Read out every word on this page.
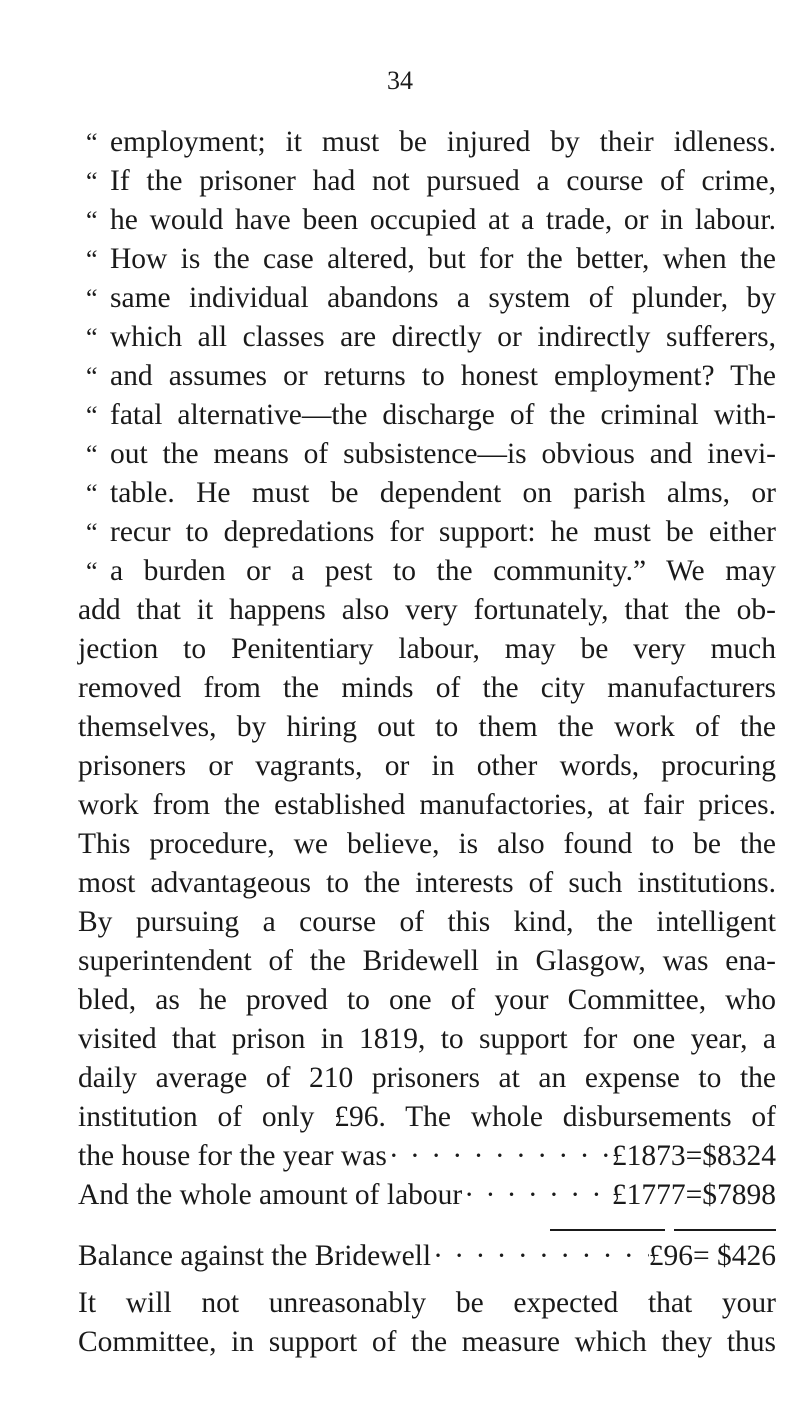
34
“ employment; it must be injured by their idleness.
“ If the prisoner had not pursued a course of crime,
“ he would have been occupied at a trade, or in labour.
“ How is the case altered, but for the better, when the
“ same individual abandons a system of plunder, by
“ which all classes are directly or indirectly sufferers,
“ and assumes or returns to honest employment? The
“ fatal alternative—the discharge of the criminal with-
“ out the means of subsistence—is obvious and inevi-
“ table. He must be dependent on parish alms, or
“ recur to depredations for support: he must be either
“ a burden or a pest to the community.” We may
add that it happens also very fortunately, that the ob-
jection to Penitentiary labour, may be very much
removed from the minds of the city manufacturers
themselves, by hiring out to them the work of the
prisoners or vagrants, or in other words, procuring
work from the established manufactories, at fair prices.
This procedure, we believe, is also found to be the
most advantageous to the interests of such institutions.
By pursuing a course of this kind, the intelligent
superintendent of the Bridewell in Glasgow, was ena-
bled, as he proved to one of your Committee, who
visited that prison in 1819, to support for one year, a
daily average of 210 prisoners at an expense to the
institution of only £96. The whole disbursements of
the house for the year was · · ·	£1873=$8324
And the whole amount of labour · · ·	£1777=$7898
Balance against the Bridewell · · ·	£96= $426
It will not unreasonably be expected that your
Committee, in support of the measure which they thus
